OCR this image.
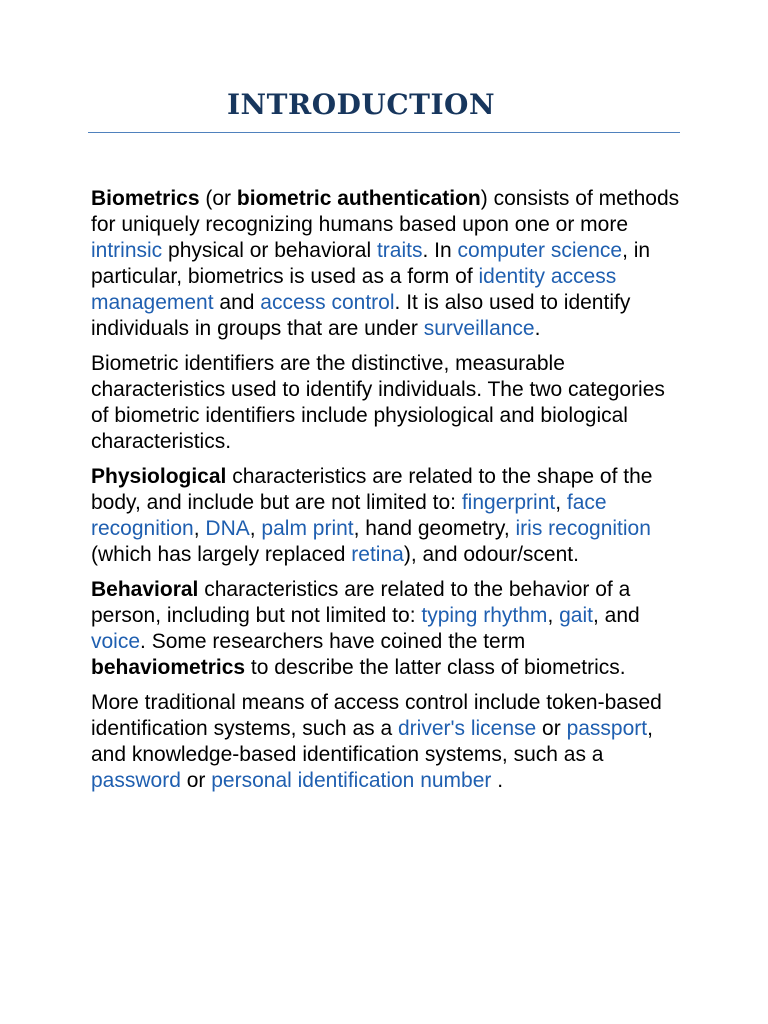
INTRODUCTION

Biometrics (or biometric authentication) consists of methods for uniquely recognizing humans based upon one or more intrinsic physical or behavioral traits. In computer science, in particular, biometrics is used as a form of identity access management and access control. It is also used to identify individuals in groups that are under surveillance.

Biometric identifiers are the distinctive, measurable characteristics used to identify individuals. The two categories of biometric identifiers include physiological and biological characteristics.

Physiological characteristics are related to the shape of the body, and include but are not limited to: fingerprint, face recognition, DNA, palm print, hand geometry, iris recognition (which has largely replaced retina), and odour/scent.

Behavioral characteristics are related to the behavior of a person, including but not limited to: typing rhythm, gait, and voice. Some researchers have coined the term behaviometrics to describe the latter class of biometrics.

More traditional means of access control include token-based identification systems, such as a driver's license or passport, and knowledge-based identification systems, such as a password or personal identification number .
